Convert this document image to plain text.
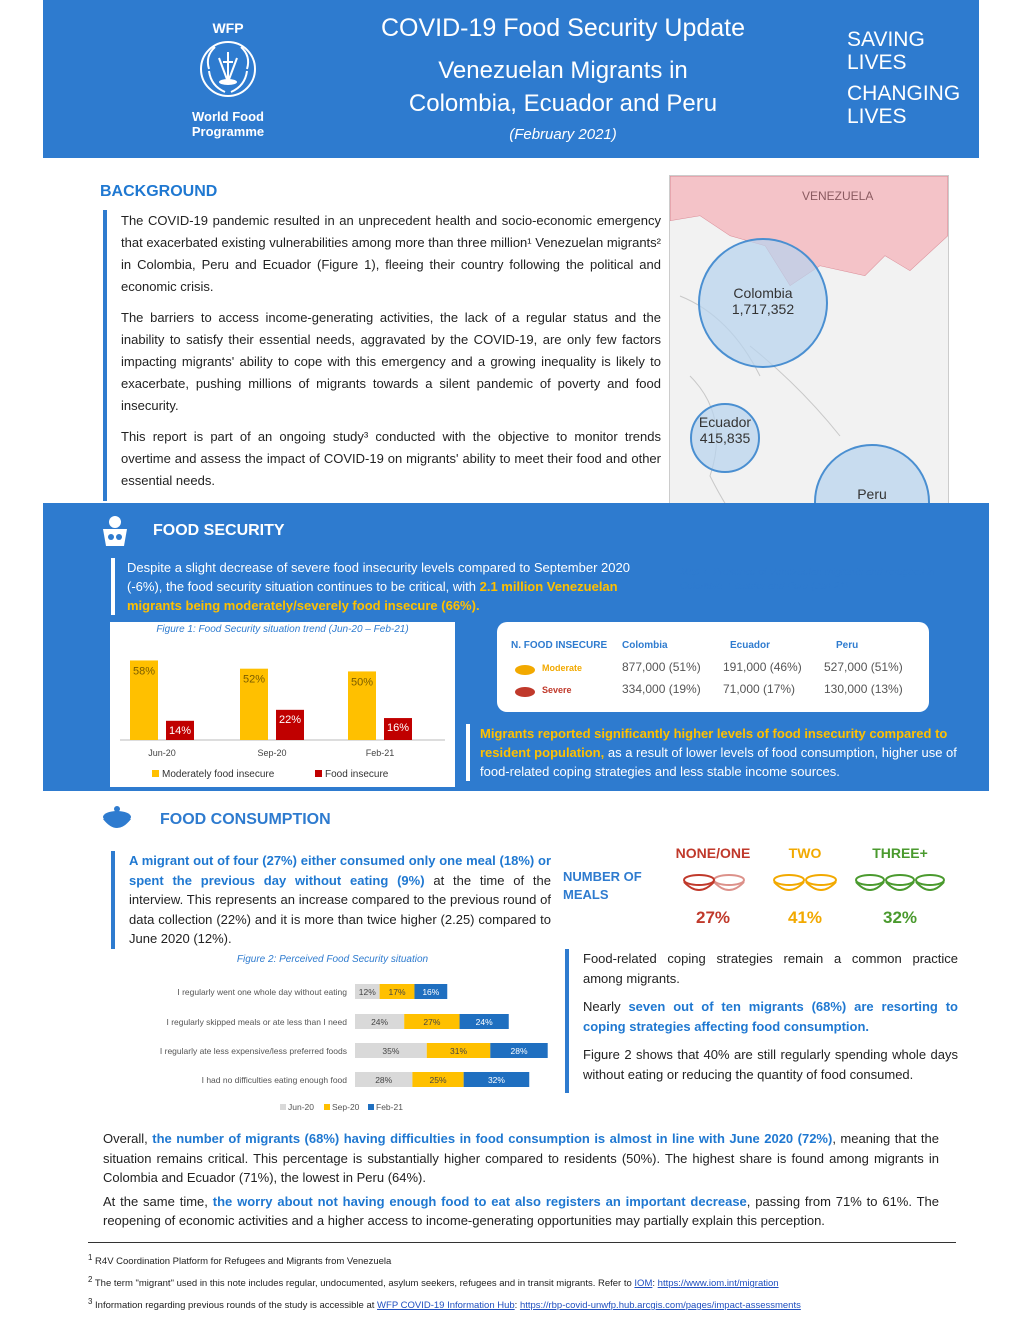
WFP
World Food
Programme
COVID-19 Food Security Update
Venezuelan Migrants in
Colombia, Ecuador and Peru
(February 2021)
SAVING
LIVES
CHANGING
LIVES
BACKGROUND

The COVID-19 pandemic resulted in an unprecedent health and socio-economic emergency that exacerbated existing vulnerabilities among more than three million¹ Venezuelan migrants² in Colombia, Peru and Ecuador (Figure 1), fleeing their country following the political and economic crisis.

The barriers to access income-generating activities, the lack of a regular status and the inability to satisfy their essential needs, aggravated by the COVID-19, are only few factors impacting migrants' ability to cope with this emergency and a growing inequality is likely to exacerbate, pushing millions of migrants towards a silent pandemic of poverty and food insecurity.

This report is part of an ongoing study³ conducted with the objective to monitor trends overtime and assess the impact of COVID-19 on migrants' ability to meet their food and other essential needs.

VENEZUELA
Colombia
1,717,352
Ecuador
415,835
Peru
Map 1: Presence of Venezuelan migrants and refugees in Colombia, Ecuador and Peru (Jan-21)
FOOD SECURITY
Despite a slight decrease of severe food insecurity levels compared to September 2020 (-6%), the food security situation continues to be critical, with 2.1 million Venezuelan migrants being moderately/severely food insecure (66%).
Figure 1: Food Security situation trend (Jun-20 – Feb-21)
58%
14%
Jun-20
52%
22%
Sep-20
50%
16%
Feb-21
Moderately food insecure	Food insecure
N. FOOD INSECURE Colombia	Ecuador	Peru
Moderate	877,000 (51%) 191,000 (46%) 527,000 (51%)
Severe	334,000 (19%) 71,000 (17%) 130,000 (13%)
Migrants reported significantly higher levels of food insecurity compared to resident population, as a result of lower levels of food consumption, higher use of food-related coping strategies and less stable income sources.
FOOD CONSUMPTION
A migrant out of four (27%) either consumed only one meal (18%) or spent the previous day without eating (9%) at the time of the interview. This represents an increase compared to the previous round of data collection (22%) and it is more than twice higher (2.25) compared to June 2020 (12%).
NUMBER OF
MEALS
NONE/ONE	TWO	THREE+
27%	41%	32%
Figure 2: Perceived Food Security situation
I regularly went one whole day without eating 12% 17% 16%
I regularly skipped meals or ate less than I need	24%	27%	24%
I regularly ate less expensive/less preferred foods	35%	31%	28%
I had no difficulties eating enough food	28%	25%	32%
Jun-20 Sep-20 Feb-21

Food-related coping strategies remain a common practice among migrants.

Nearly seven out of ten migrants (68%) are resorting to coping strategies affecting food consumption.

Figure 2 shows that 40% are still regularly spending whole days without eating or reducing the quantity of food consumed.

Overall, the number of migrants (68%) having difficulties in food consumption is almost in line with June 2020 (72%), meaning that the situation remains critical. This percentage is substantially higher compared to residents (50%). The highest share is found among migrants in Colombia and Ecuador (71%), the lowest in Peru (64%).

At the same time, the worry about not having enough food to eat also registers an important decrease, passing from 71% to 61%. The reopening of economic activities and a higher access to income-generating opportunities may partially explain this perception.

$^1$ R4V Coordination Platform for Refugees and Migrants from Venezuela
$^2$ The term "migrant" used in this note includes regular, undocumented, asylum seekers, refugees and in transit migrants. Refer to IOM: https://www.iom.int/migration
$^3$ Information regarding previous rounds of the study is accessible at WFP COVID-19 Information Hub: https://rbp-covid-unwfp.hub.arcgis.com/pages/impact-assessments
